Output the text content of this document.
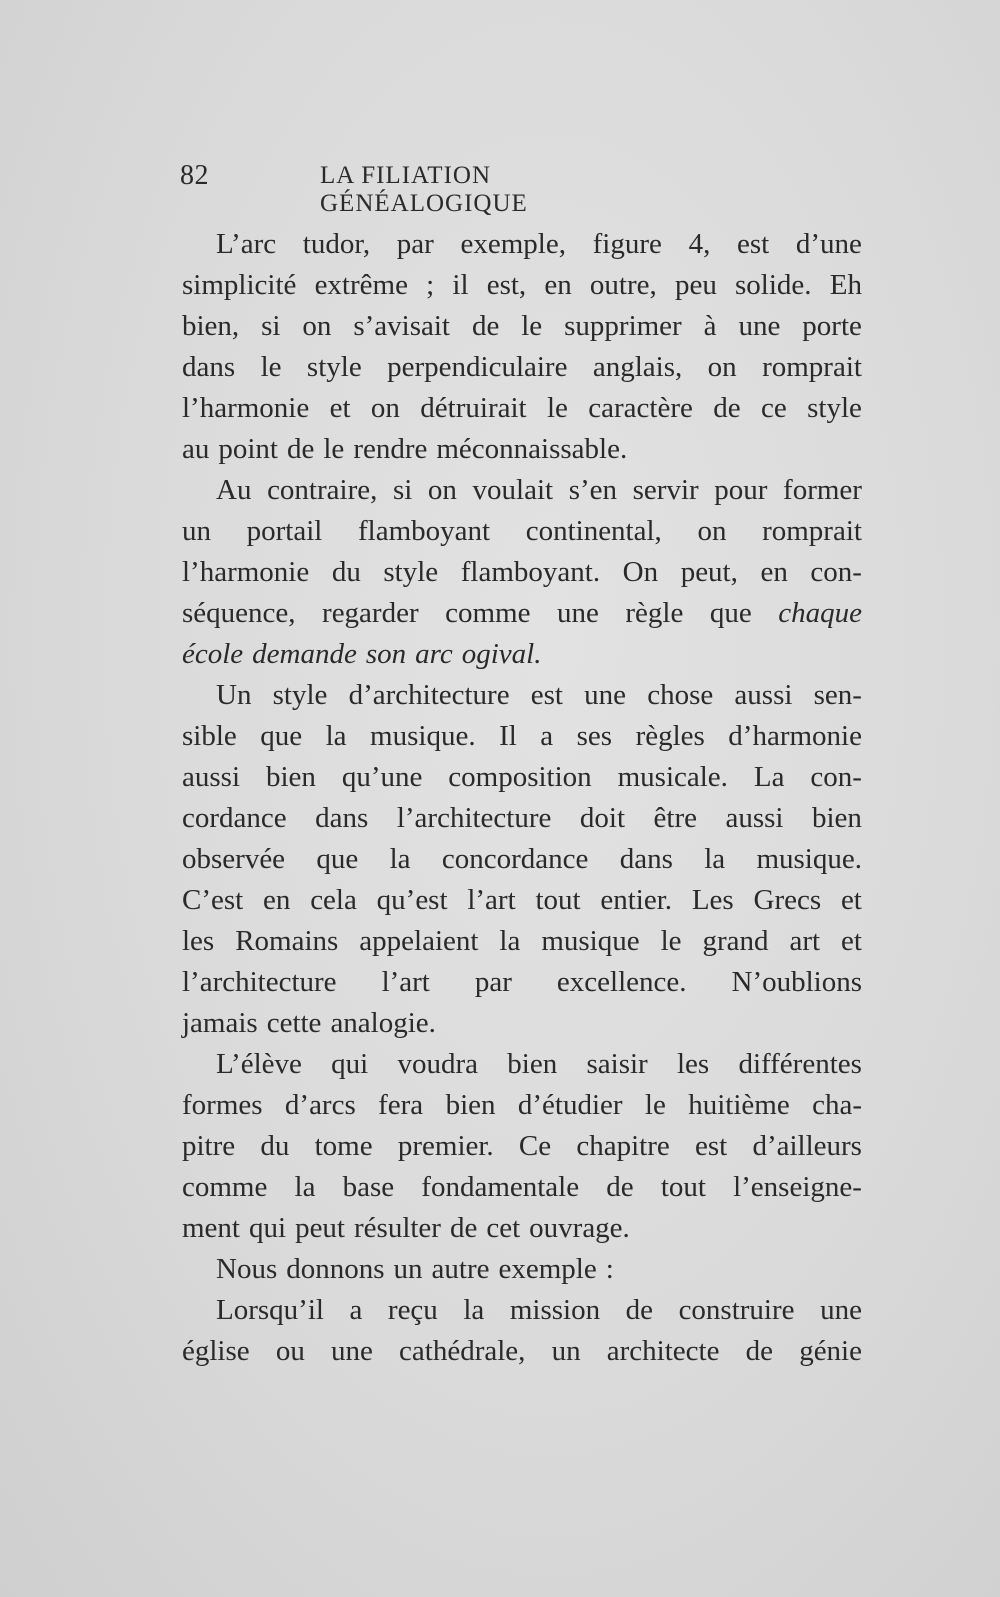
82	LA FILIATION GÉNÉALOGIQUE
L’arc tudor, par exemple, figure 4, est d’une
simplicité extrême ; il est, en outre, peu solide. Eh
bien, si on s’avisait de le supprimer à une porte
dans le style perpendiculaire anglais, on romprait
l’harmonie et on détruirait le caractère de ce style
au point de le rendre méconnaissable.
Au contraire, si on voulait s’en servir pour former
un portail flamboyant continental, on romprait
l’harmonie du style flamboyant. On peut, en con-
séquence, regarder comme une règle que chaque
école demande son arc ogival.
Un style d’architecture est une chose aussi sen-
sible que la musique. Il a ses règles d’harmonie
aussi bien qu’une composition musicale. La con-
cordance dans l’architecture doit être aussi bien
observée que la concordance dans la musique.
C’est en cela qu’est l’art tout entier. Les Grecs et
les Romains appelaient la musique le grand art et
l’architecture l’art par excellence. N’oublions
jamais cette analogie.
L’élève qui voudra bien saisir les différentes
formes d’arcs fera bien d’étudier le huitième cha-
pitre du tome premier. Ce chapitre est d’ailleurs
comme la base fondamentale de tout l’enseigne-
ment qui peut résulter de cet ouvrage.
Nous donnons un autre exemple :
Lorsqu’il a reçu la mission de construire une
église ou une cathédrale, un architecte de génie
